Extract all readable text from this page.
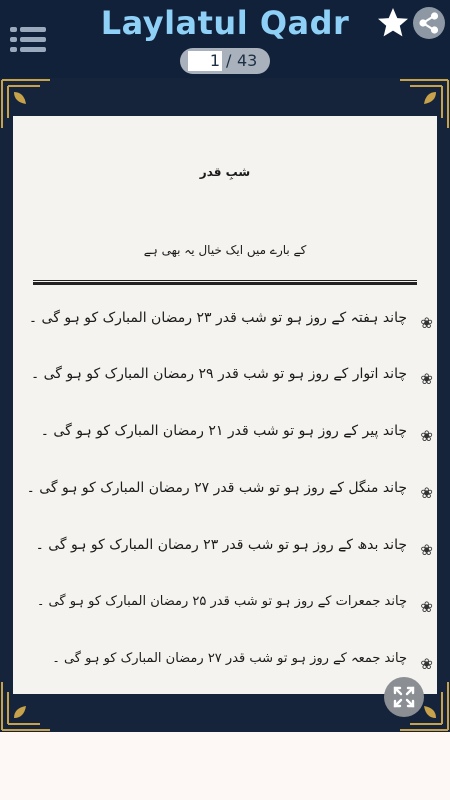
Laylatul Qadr
1
/ 43
شبِ قدر
کے بارے میں ایک خیال یہ بھی ہے
❀
چاند ہفتہ کے روز ہو تو شب قدر ۲۳ رمضان المبارک کو ہو گی ۔
❀
چاند اتوار کے روز ہو تو شب قدر ۲۹ رمضان المبارک کو ہو گی ۔
❀
چاند پیر کے روز ہو تو شب قدر ۲۱ رمضان المبارک کو ہو گی ۔
❀
چاند منگل کے روز ہو تو شب قدر ۲۷ رمضان المبارک کو ہو گی ۔
❀
چاند بدھ کے روز ہو تو شب قدر ۲۳ رمضان المبارک کو ہو گی ۔
❀
چاند جمعرات کے روز ہو تو شب قدر ۲۵ رمضان المبارک کو ہو گی ۔
❀
چاند جمعہ کے روز ہو تو شب قدر ۲۷ رمضان المبارک کو ہو گی ۔
